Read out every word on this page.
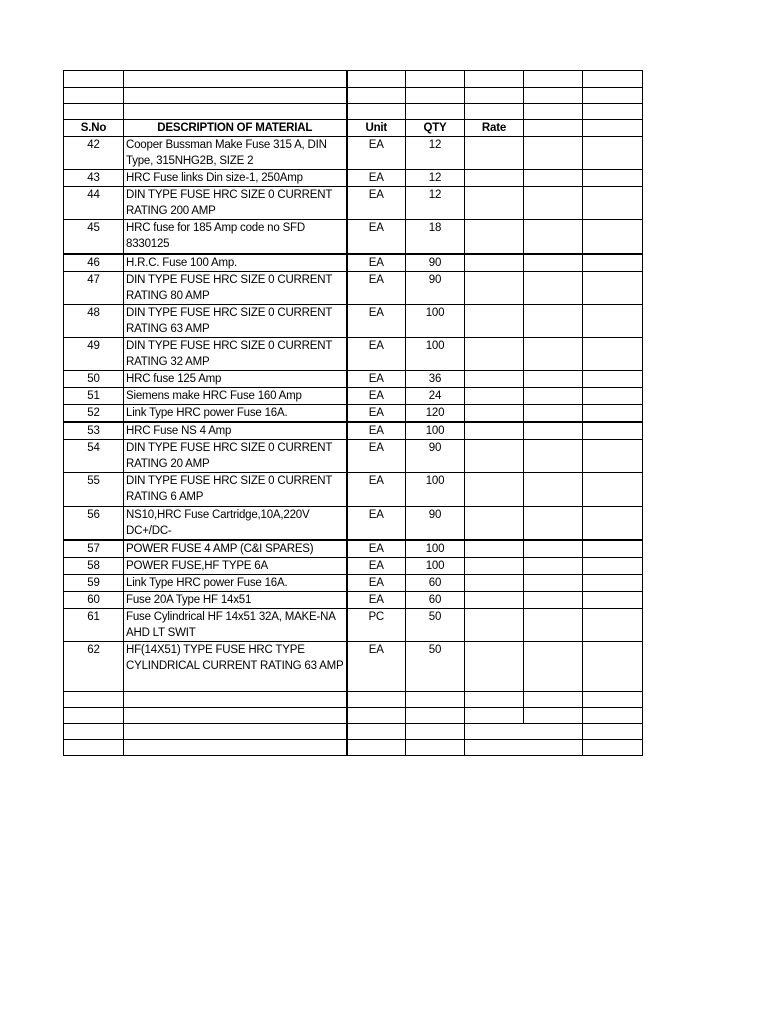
S.No	DESCRIPTION OF MATERIAL	Unit	QTY	Rate		
42	Cooper Bussman Make Fuse 315 A, DIN Type, 315NHG2B, SIZE 2	EA	12			
43	HRC Fuse links Din size-1, 250Amp	EA	12			
44	DIN TYPE FUSE HRC SIZE 0 CURRENT RATING 200 AMP	EA	12			
45	HRC fuse for 185 Amp code no SFD 8330125	EA	18			
46	H.R.C. Fuse 100 Amp.	EA	90			
47	DIN TYPE FUSE HRC SIZE 0 CURRENT RATING 80 AMP	EA	90			
48	DIN TYPE FUSE HRC SIZE 0 CURRENT RATING 63 AMP	EA	100			
49	DIN TYPE FUSE HRC SIZE 0 CURRENT RATING 32 AMP	EA	100			
50	HRC fuse 125 Amp	EA	36			
51	Siemens make HRC Fuse 160 Amp	EA	24			
52	Link Type HRC power Fuse 16A.	EA	120			
53	HRC Fuse NS 4 Amp	EA	100			
54	DIN TYPE FUSE HRC SIZE 0 CURRENT RATING 20 AMP	EA	90			
55	DIN TYPE FUSE HRC SIZE 0 CURRENT RATING 6 AMP	EA	100			
56	NS10,HRC Fuse Cartridge,10A,220V DC+/DC-	EA	90			
57	POWER FUSE 4 AMP (C&I SPARES)	EA	100			
58	POWER FUSE,HF TYPE 6A	EA	100			
59	Link Type HRC power Fuse 16A.	EA	60			
60	Fuse 20A Type HF 14x51	EA	60			
61	Fuse Cylindrical HF 14x51 32A, MAKE-NA AHD LT SWIT	PC	50			
62	HF(14X51) TYPE FUSE HRC TYPE CYLINDRICAL CURRENT RATING 63 AMP	EA	50			
